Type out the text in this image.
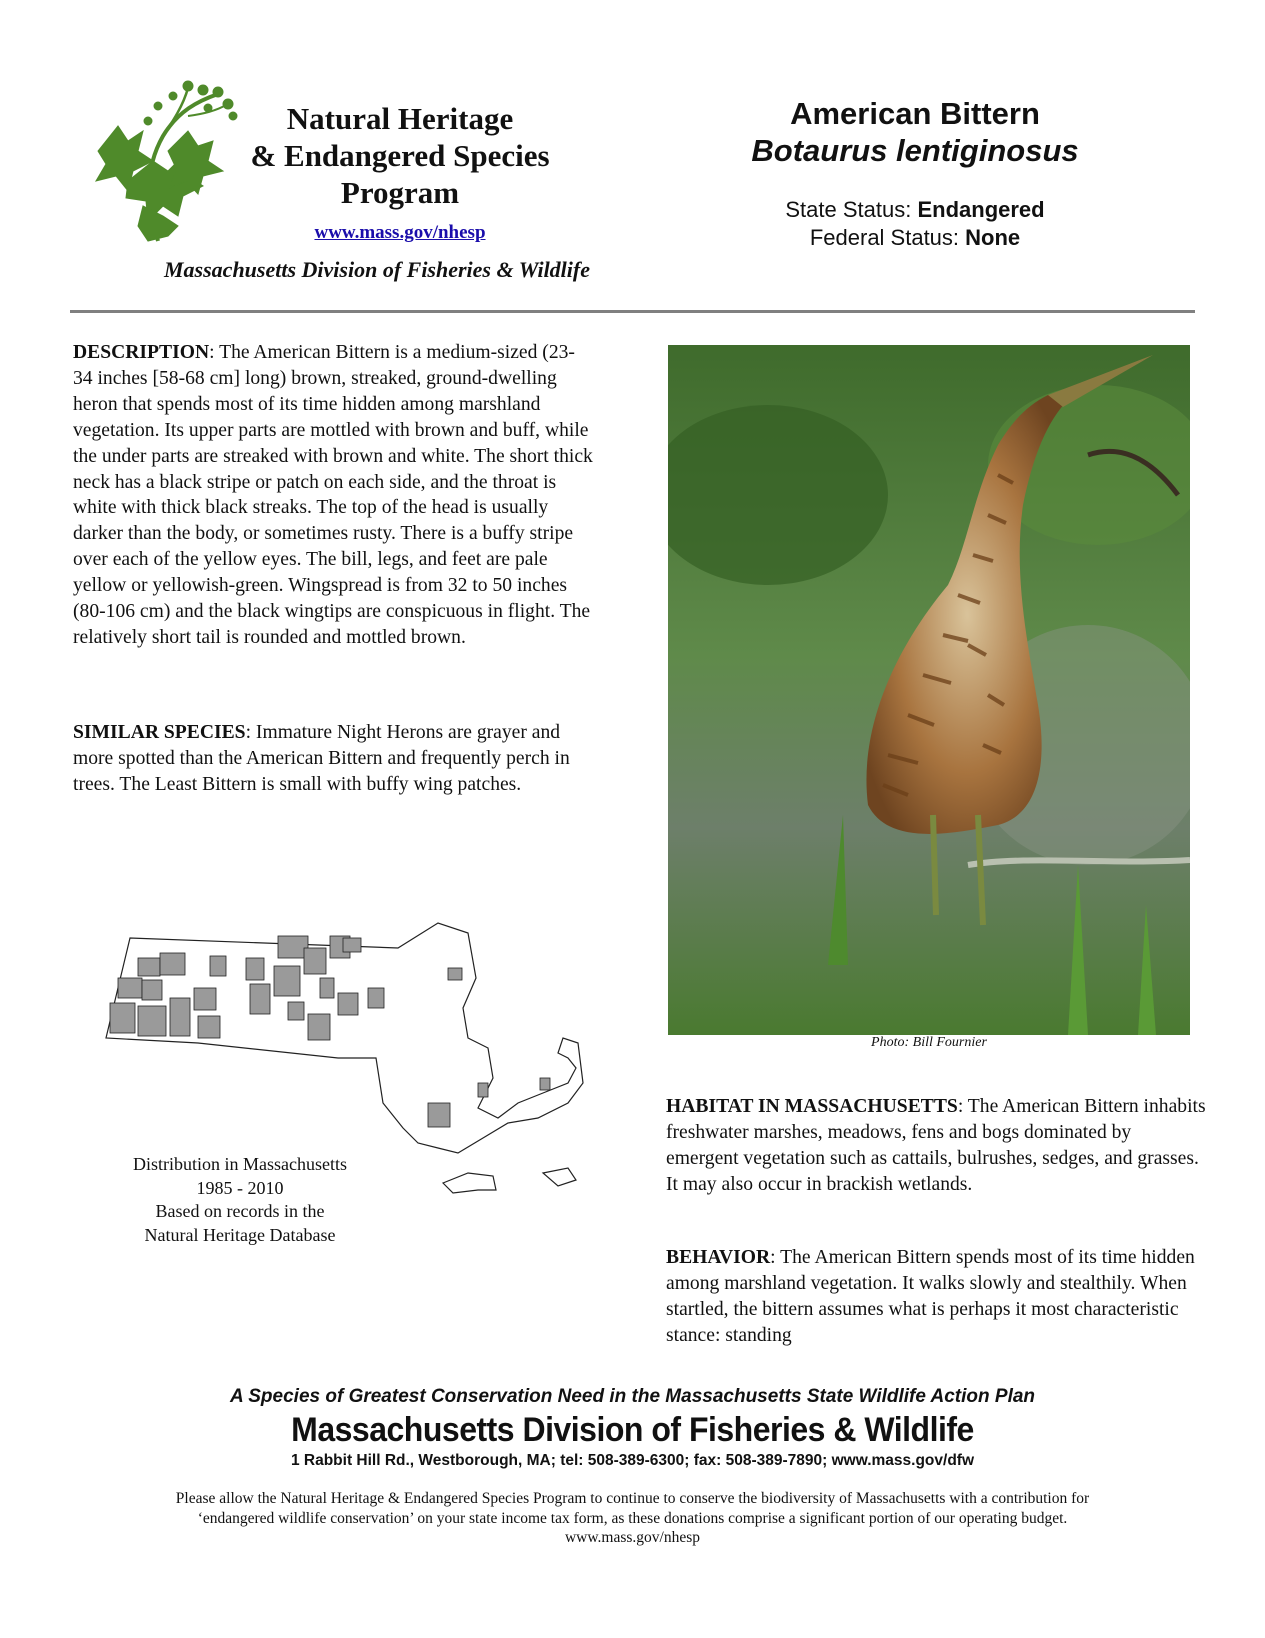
Natural Heritage
& Endangered Species
Program
www.mass.gov/nhesp
Massachusetts Division of Fisheries & Wildlife
American Bittern
Botaurus lentiginosus
State Status: Endangered
Federal Status: None
DESCRIPTION: The American Bittern is a medium-sized (23-34 inches [58-68 cm] long) brown, streaked, ground-dwelling heron that spends most of its time hidden among marshland vegetation. Its upper parts are mottled with brown and buff, while the under parts are streaked with brown and white. The short thick neck has a black stripe or patch on each side, and the throat is white with thick black streaks. The top of the head is usually darker than the body, or sometimes rusty. There is a buffy stripe over each of the yellow eyes. The bill, legs, and feet are pale yellow or yellowish-green. Wingspread is from 32 to 50 inches (80-106 cm) and the black wingtips are conspicuous in flight. The relatively short tail is rounded and mottled brown.
SIMILAR SPECIES: Immature Night Herons are grayer and more spotted than the American Bittern and frequently perch in trees. The Least Bittern is small with buffy wing patches.
Photo: Bill Fournier
Distribution in Massachusetts
1985 - 2010
Based on records in the
Natural Heritage Database
HABITAT IN MASSACHUSETTS: The American Bittern inhabits freshwater marshes, meadows, fens and bogs dominated by emergent vegetation such as cattails, bulrushes, sedges, and grasses. It may also occur in brackish wetlands.
BEHAVIOR: The American Bittern spends most of its time hidden among marshland vegetation. It walks slowly and stealthily. When startled, the bittern assumes what is perhaps it most characteristic stance: standing
A Species of Greatest Conservation Need in the Massachusetts State Wildlife Action Plan
Massachusetts Division of Fisheries & Wildlife
1 Rabbit Hill Rd., Westborough, MA; tel: 508-389-6300; fax: 508-389-7890; www.mass.gov/dfw
Please allow the Natural Heritage & Endangered Species Program to continue to conserve the biodiversity of Massachusetts with a contribution for
‘endangered wildlife conservation’ on your state income tax form, as these donations comprise a significant portion of our operating budget.
www.mass.gov/nhesp
